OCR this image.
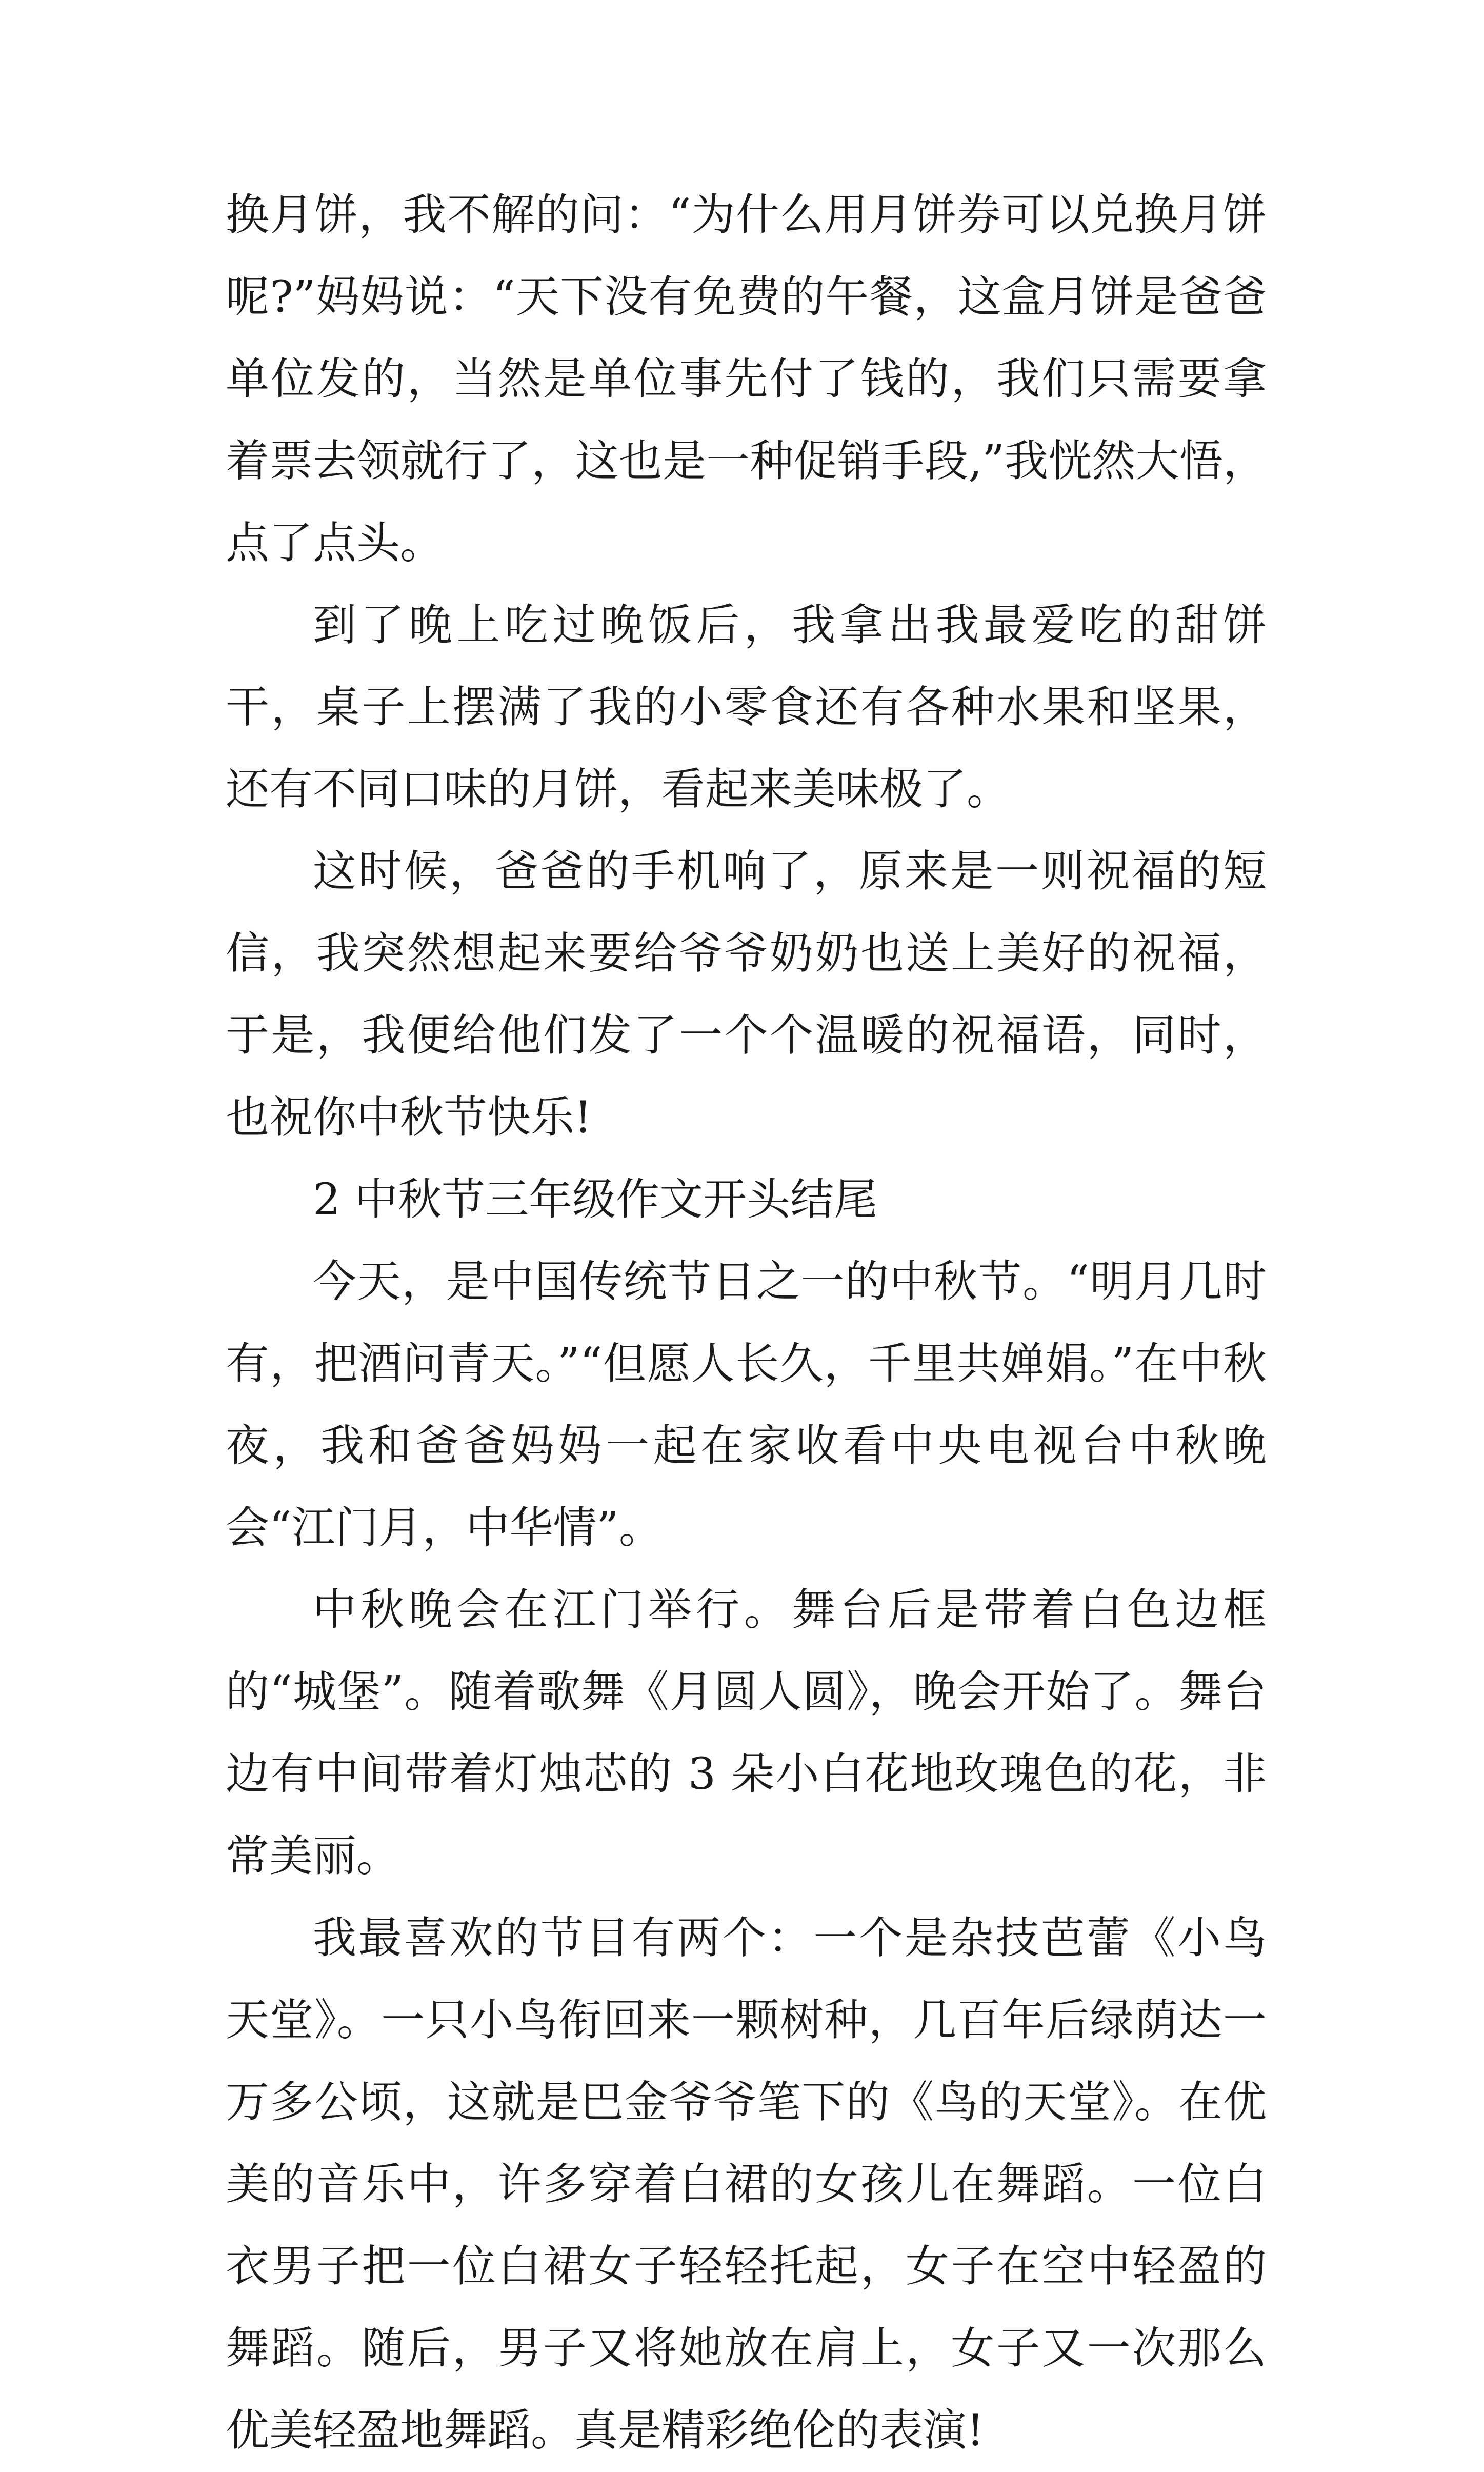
换月饼，我不解的问：“为什么用月饼券可以兑换月饼呢?”妈妈说：“天下没有免费的午餐，这盒月饼是爸爸单位发的，当然是单位事先付了钱的，我们只需要拿着票去领就行了，这也是一种促销手段,”我恍然大悟，点了点头。

到了晚上吃过晚饭后，我拿出我最爱吃的甜饼干，桌子上摆满了我的小零食还有各种水果和坚果，还有不同口味的月饼，看起来美味极了。

这时候，爸爸的手机响了，原来是一则祝福的短信，我突然想起来要给爷爷奶奶也送上美好的祝福，于是，我便给他们发了一个个温暖的祝福语，同时，也祝你中秋节快乐!

2 中秋节三年级作文开头结尾

今天，是中国传统节日之一的中秋节。“明月几时有，把酒问青天。”“但愿人长久，千里共婵娟。”在中秋夜，我和爸爸妈妈一起在家收看中央电视台中秋晚会“江门月，中华情”。

中秋晚会在江门举行。舞台后是带着白色边框的“城堡”。随着歌舞《月圆人圆》，晚会开始了。舞台边有中间带着灯烛芯的 3 朵小白花地玫瑰色的花，非常美丽。

我最喜欢的节目有两个：一个是杂技芭蕾《小鸟天堂》。一只小鸟衔回来一颗树种，几百年后绿荫达一万多公顷，这就是巴金爷爷笔下的《鸟的天堂》。在优美的音乐中，许多穿着白裙的女孩儿在舞蹈。一位白衣男子把一位白裙女子轻轻托起，女子在空中轻盈的舞蹈。随后，男子又将她放在肩上，女子又一次那么优美轻盈地舞蹈。真是精彩绝伦的表演!
